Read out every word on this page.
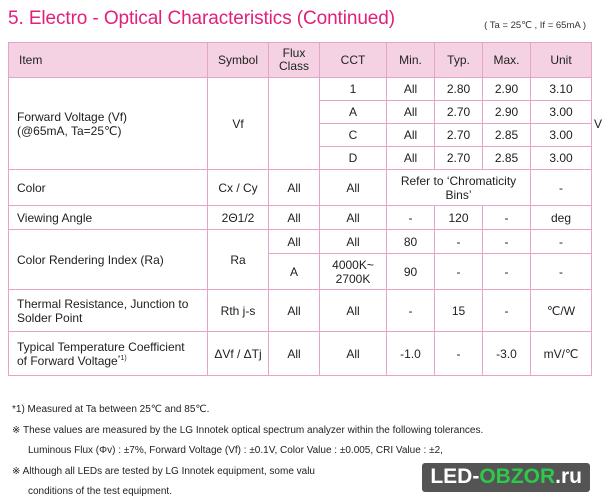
5. Electro - Optical Characteristics (Continued)	( Ta = 25℃ , If = 65mA )
Item	Symbol	Flux Class	CCT	Min.	Typ.	Max.	Unit	
Forward Voltage (Vf)
(@65mA, Ta=25℃)	Vf		1	All	2.80	2.90	3.10	V
			A	All	2.70	2.90	3.00	
			C	All	2.70	2.85	3.00	
			D	All	2.70	2.85	3.00	
Color	Cx / Cy	All	All	Refer to ‘Chromaticity Bins’			-	
Viewing Angle	2Θ1/2	All	All	-	120	-	deg	
Color Rendering Index (Ra)	Ra	All	All	80	-	-	-	
		A	4000K~ 2700K	90	-	-	-	
Thermal Resistance, Junction to Solder Point	Rth j-s	All	All	-	15	-	℃/W	
Typical Temperature Coefficient
of Forward Voltage$^{*1)}$	ΔVf / ΔTj	All	All	-1.0	-	-3.0	mV/℃	
*1) Measured at Ta between 25℃ and 85℃.
※ These values are measured by the LG Innotek optical spectrum analyzer within the following tolerances.
Luminous Flux (Φv) : ±7%, Forward Voltage (Vf) : ±0.1V, Color Value : ±0.005, CRI Value : ±2,
※ Although all LEDs are tested by LG Innotek equipment, some valu
conditions of the test equipment.
LED-OBZOR.ru
